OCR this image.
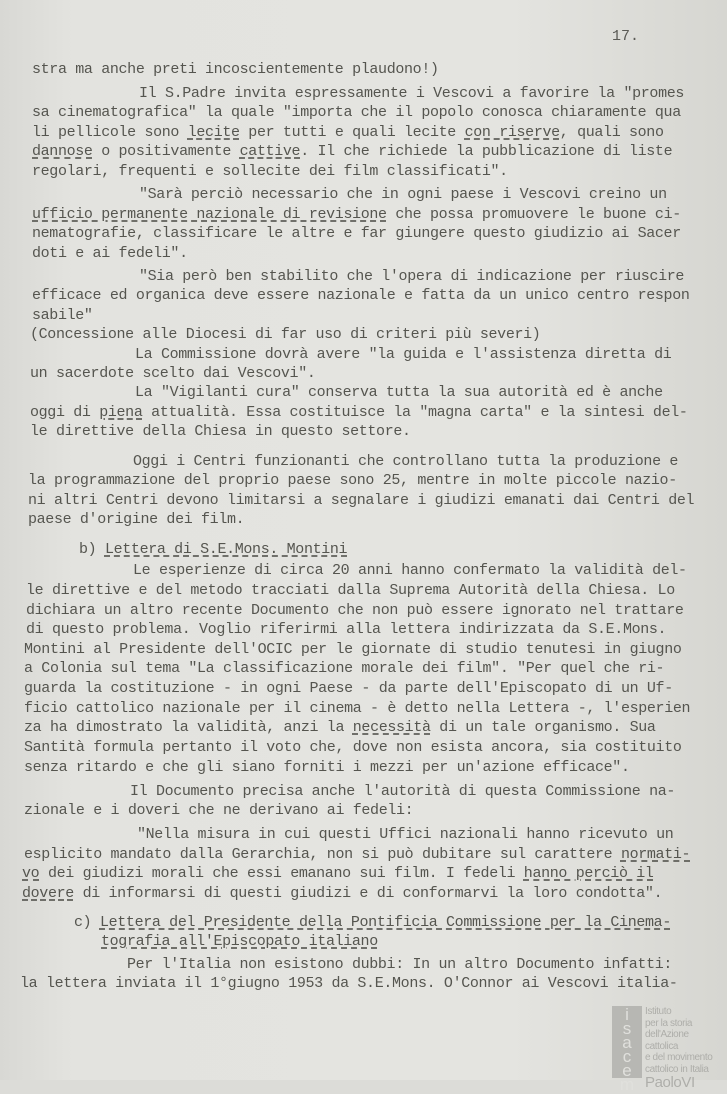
17.
stra ma anche preti incoscientemente plaudono!)
Il S.Padre invita espressamente i Vescovi a favorire la "promes
sa cinematografica" la quale "importa che il popolo conosca chiaramente qua
li pellicole sono lecite per tutti e quali lecite con riserve, quali sono
dannose o positivamente cattive. Il che richiede la pubblicazione di liste
regolari, frequenti e sollecite dei film classificati".
"Sarà perciò necessario che in ogni paese i Vescovi creino un
ufficio permanente nazionale di revisione che possa promuovere le buone ci-
nematografie, classificare le altre e far giungere questo giudizio ai Sacer
doti e ai fedeli".
"Sia però ben stabilito che l'opera di indicazione per riuscire
efficace ed organica deve essere nazionale e fatta da un unico centro respon
sabile"
(Concessione alle Diocesi di far uso di criteri più severi)
La Commissione dovrà avere "la guida e l'assistenza diretta di
un sacerdote scelto dai Vescovi".
La "Vigilanti cura" conserva tutta la sua autorità ed è anche
oggi di piena attualità. Essa costituisce la "magna carta" e la sintesi del-
le direttive della Chiesa in questo settore.
Oggi i Centri funzionanti che controllano tutta la produzione e
la programmazione del proprio paese sono 25, mentre in molte piccole nazio-
ni altri Centri devono limitarsi a segnalare i giudizi emanati dai Centri del
paese d'origine dei film.
b) Lettera di S.E.Mons. Montini
Le esperienze di circa 20 anni hanno confermato la validità del-
le direttive e del metodo tracciati dalla Suprema Autorità della Chiesa. Lo
dichiara un altro recente Documento che non può essere ignorato nel trattare
di questo problema. Voglio riferirmi alla lettera indirizzata da S.E.Mons.
Montini al Presidente dell'OCIC per le giornate di studio tenutesi in giugno
a Colonia sul tema "La classificazione morale dei film". "Per quel che ri-
guarda la costituzione - in ogni Paese - da parte dell'Episcopato di un Uf-
ficio cattolico nazionale per il cinema - è detto nella Lettera -, l'esperien
za ha dimostrato la validità, anzi la necessità di un tale organismo. Sua
Santità formula pertanto il voto che, dove non esista ancora, sia costituito
senza ritardo e che gli siano forniti i mezzi per un'azione efficace".
Il Documento precisa anche l'autorità di questa Commissione na-
zionale e i doveri che ne derivano ai fedeli:
"Nella misura in cui questi Uffici nazionali hanno ricevuto un
esplicito mandato dalla Gerarchia, non si può dubitare sul carattere normati-
vo dei giudizi morali che essi emanano sui film. I fedeli hanno perciò il
dovere di informarsi di questi giudizi e di conformarvi la loro condotta".
c) Lettera del Presidente della Pontificia Commissione per la Cinema-
tografia all'Episcopato italiano
Per l'Italia non esistono dubbi: In un altro Documento infatti:
la lettera inviata il 1°giugno 1953 da S.E.Mons. O'Connor ai Vescovi italia-
i
s
a
c
e
m
Istituto
per la storia
dell'Azione cattolica
e del movimento
cattolico in Italia
PaoloVI
